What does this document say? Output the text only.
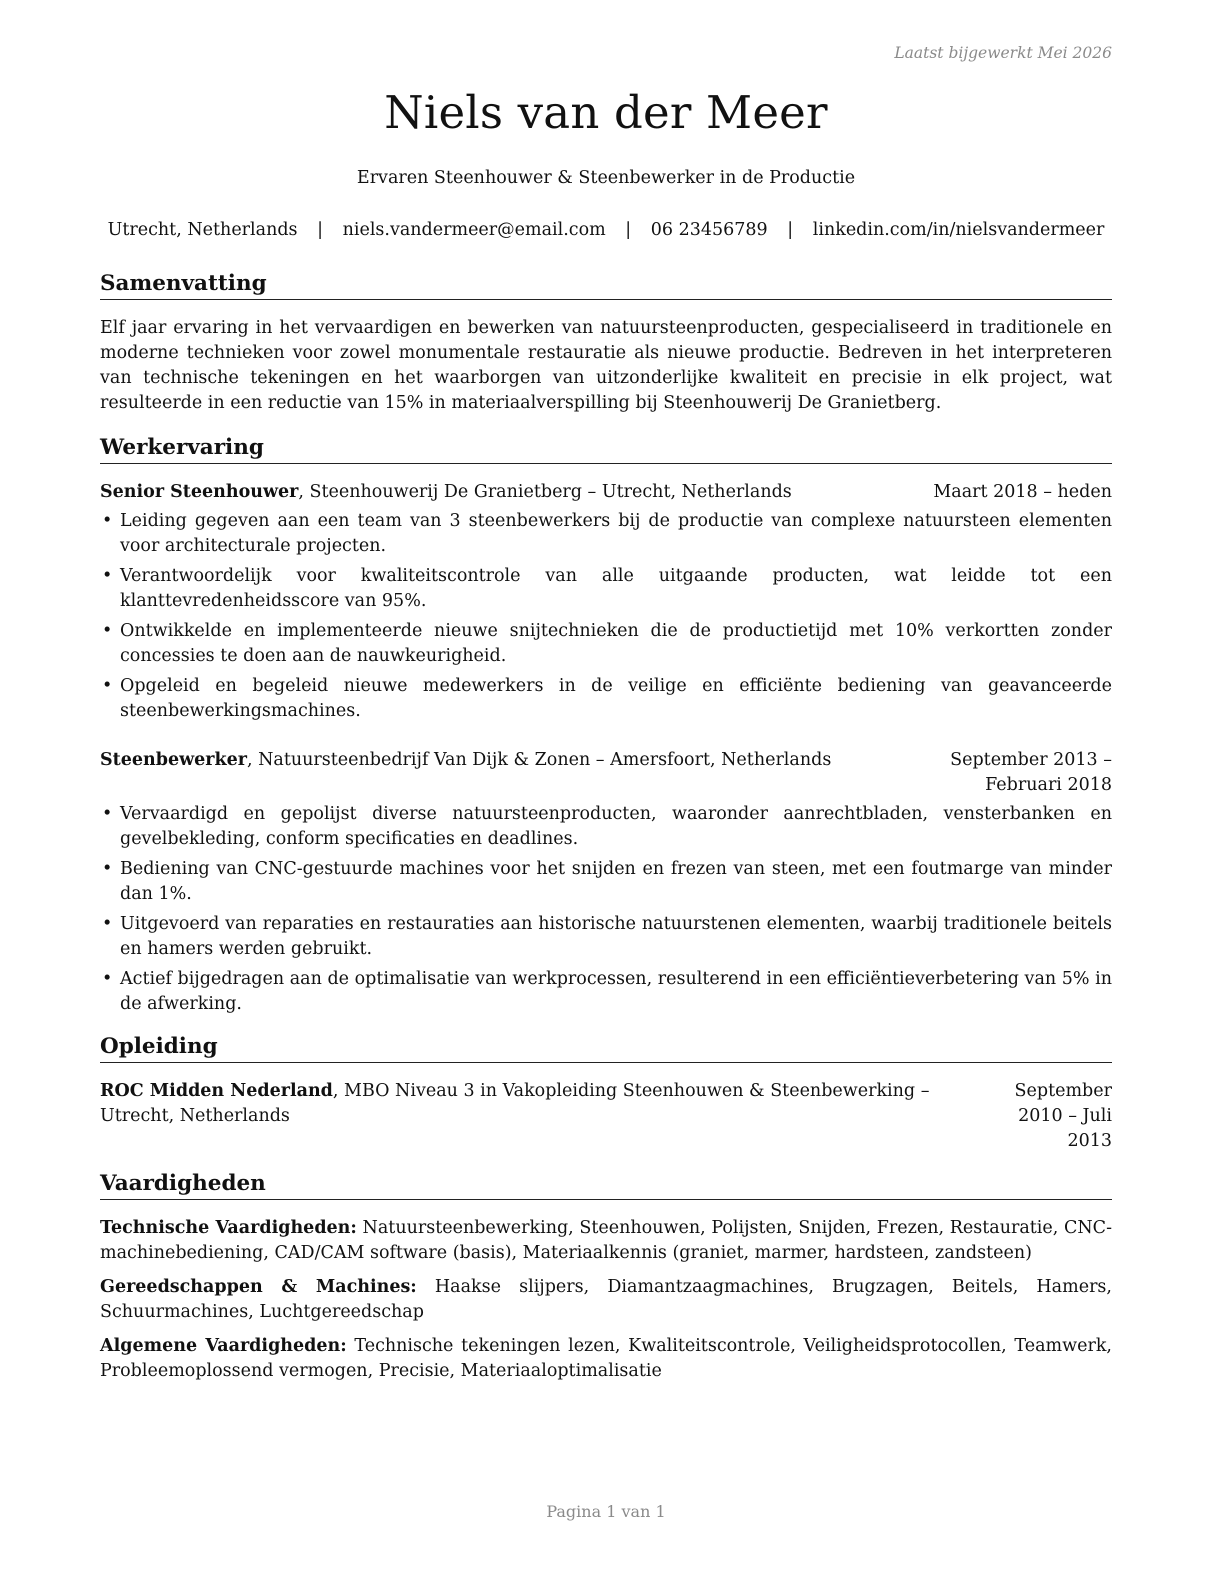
Laatst bijgewerkt Mei 2026
Niels van der Meer
Ervaren Steenhouwer & Steenbewerker in de Productie
Utrecht, Netherlands | niels.vandermeer@email.com | 06 23456789 | linkedin.com/in/nielsvandermeer
Samenvatting

Elf jaar ervaring in het vervaardigen en bewerken van natuursteenproducten, gespecialiseerd in traditionele en moderne technieken voor zowel monumentale restauratie als nieuwe productie. Bedreven in het interpreteren van technische tekeningen en het waarborgen van uitzonderlijke kwaliteit en precisie in elk project, wat resulteerde in een reductie van 15% in materiaalverspilling bij Steenhouwerij De Granietberg.

Werkervaring
Senior Steenhouwer, Steenhouwerij De Granietberg – Utrecht, Netherlands	Maart 2018 – heden
• Leiding gegeven aan een team van 3 steenbewerkers bij de productie van complexe natuursteen elementen voor architecturale projecten.
• Verantwoordelijk voor kwaliteitscontrole van alle uitgaande producten, wat leidde tot een klanttevredenheidsscore van 95%.
• Ontwikkelde en implementeerde nieuwe snijtechnieken die de productietijd met 10% verkortten zonder concessies te doen aan de nauwkeurigheid.
• Opgeleid en begeleid nieuwe medewerkers in de veilige en efficiënte bediening van geavanceerde steenbewerkingsmachines.
Steenbewerker, Natuursteenbedrijf Van Dijk & Zonen – Amersfoort, Netherlands	September 2013 – Februari 2018
• Vervaardigd en gepolijst diverse natuursteenproducten, waaronder aanrechtbladen, vensterbanken en gevelbekleding, conform specificaties en deadlines.
• Bediening van CNC-gestuurde machines voor het snijden en frezen van steen, met een foutmarge van minder dan 1%.
• Uitgevoerd van reparaties en restauraties aan historische natuurstenen elementen, waarbij traditionele beitels en hamers werden gebruikt.
• Actief bijgedragen aan de optimalisatie van werkprocessen, resulterend in een efficiëntieverbetering van 5% in de afwerking.
Opleiding
ROC Midden Nederland, MBO Niveau 3 in Vakopleiding Steenhouwen & Steenbewerking – Utrecht, Netherlands
September 2010 – Juli 2013
Vaardigheden
Technische Vaardigheden: Natuursteenbewerking, Steenhouwen, Polijsten, Snijden, Frezen, Restauratie, CNC-machinebediening, CAD/CAM software (basis), Materiaalkennis (graniet, marmer, hardsteen, zandsteen)
Gereedschappen & Machines: Haakse slijpers, Diamantzaagmachines, Brugzagen, Beitels, Hamers, Schuurmachines, Luchtgereedschap
Algemene Vaardigheden: Technische tekeningen lezen, Kwaliteitscontrole, Veiligheidsprotocollen, Teamwerk, Probleemoplossend vermogen, Precisie, Materiaaloptimalisatie
Pagina 1 van 1
